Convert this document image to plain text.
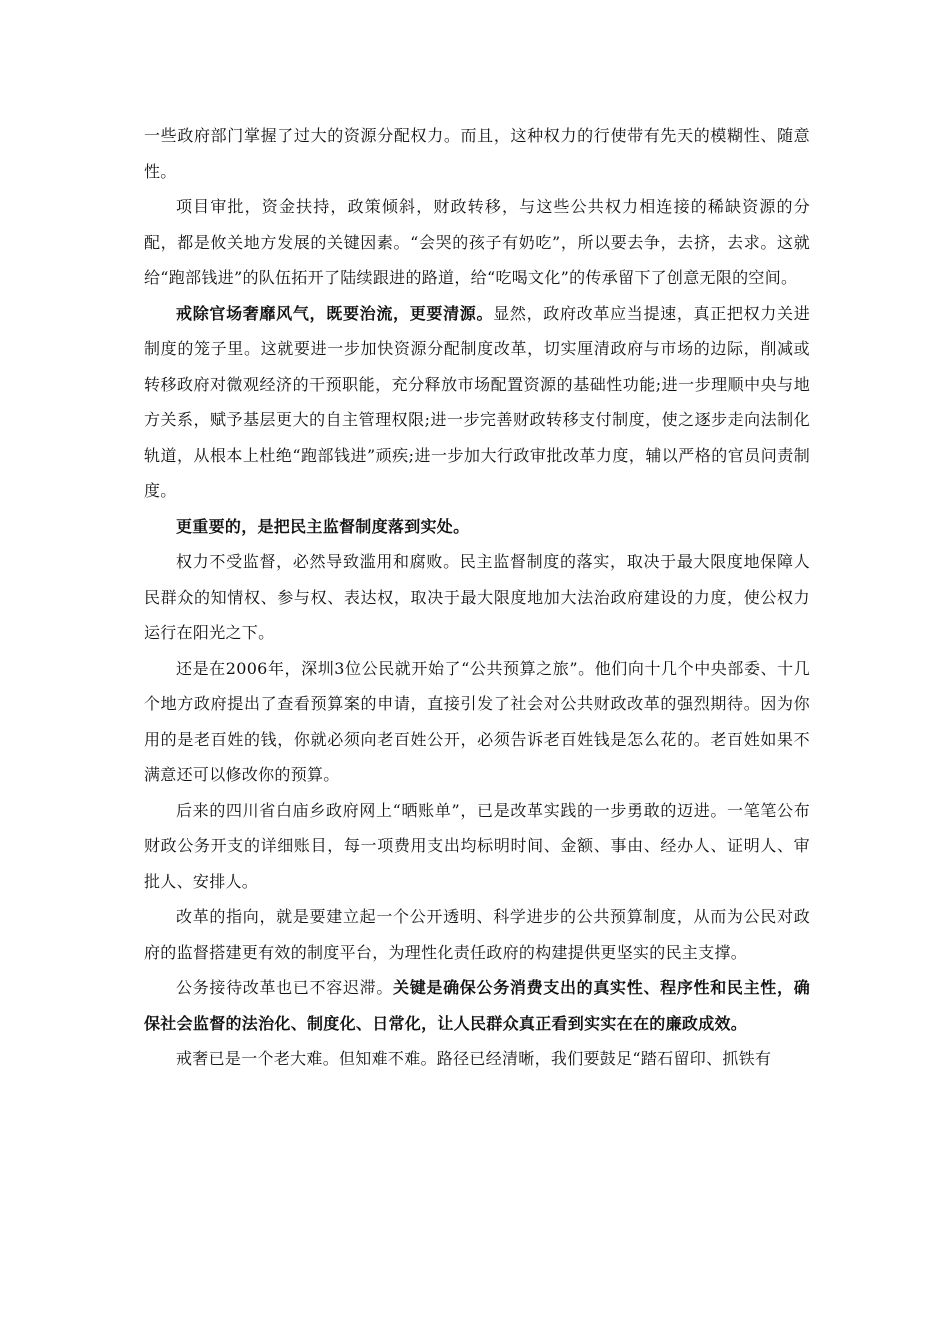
一些政府部门掌握了过大的资源分配权力。而且，这种权力的行使带有先天的模糊性、随意性。

项目审批，资金扶持，政策倾斜，财政转移，与这些公共权力相连接的稀缺资源的分配，都是攸关地方发展的关键因素。“会哭的孩子有奶吃”，所以要去争，去挤，去求。这就给“跑部钱进”的队伍拓开了陆续跟进的路道，给“吃喝文化”的传承留下了创意无限的空间。

戒除官场奢靡风气，既要治流，更要清源。显然，政府改革应当提速，真正把权力关进制度的笼子里。这就要进一步加快资源分配制度改革，切实厘清政府与市场的边际，削减或转移政府对微观经济的干预职能，充分释放市场配置资源的基础性功能;进一步理顺中央与地方关系，赋予基层更大的自主管理权限;进一步完善财政转移支付制度，使之逐步走向法制化轨道，从根本上杜绝“跑部钱进”顽疾;进一步加大行政审批改革力度，辅以严格的官员问责制度。

更重要的，是把民主监督制度落到实处。

权力不受监督，必然导致滥用和腐败。民主监督制度的落实，取决于最大限度地保障人民群众的知情权、参与权、表达权，取决于最大限度地加大法治政府建设的力度，使公权力运行在阳光之下。

还是在2006年，深圳3位公民就开始了“公共预算之旅”。他们向十几个中央部委、十几个地方政府提出了查看预算案的申请，直接引发了社会对公共财政改革的强烈期待。因为你用的是老百姓的钱，你就必须向老百姓公开，必须告诉老百姓钱是怎么花的。老百姓如果不满意还可以修改你的预算。

后来的四川省白庙乡政府网上“晒账单”，已是改革实践的一步勇敢的迈进。一笔笔公布财政公务开支的详细账目，每一项费用支出均标明时间、金额、事由、经办人、证明人、审批人、安排人。

改革的指向，就是要建立起一个公开透明、科学进步的公共预算制度，从而为公民对政府的监督搭建更有效的制度平台，为理性化责任政府的构建提供更坚实的民主支撑。

公务接待改革也已不容迟滞。关键是确保公务消费支出的真实性、程序性和民主性，确保社会监督的法治化、制度化、日常化，让人民群众真正看到实实在在的廉政成效。

戒奢已是一个老大难。但知难不难。路径已经清晰，我们要鼓足“踏石留印、抓铁有
